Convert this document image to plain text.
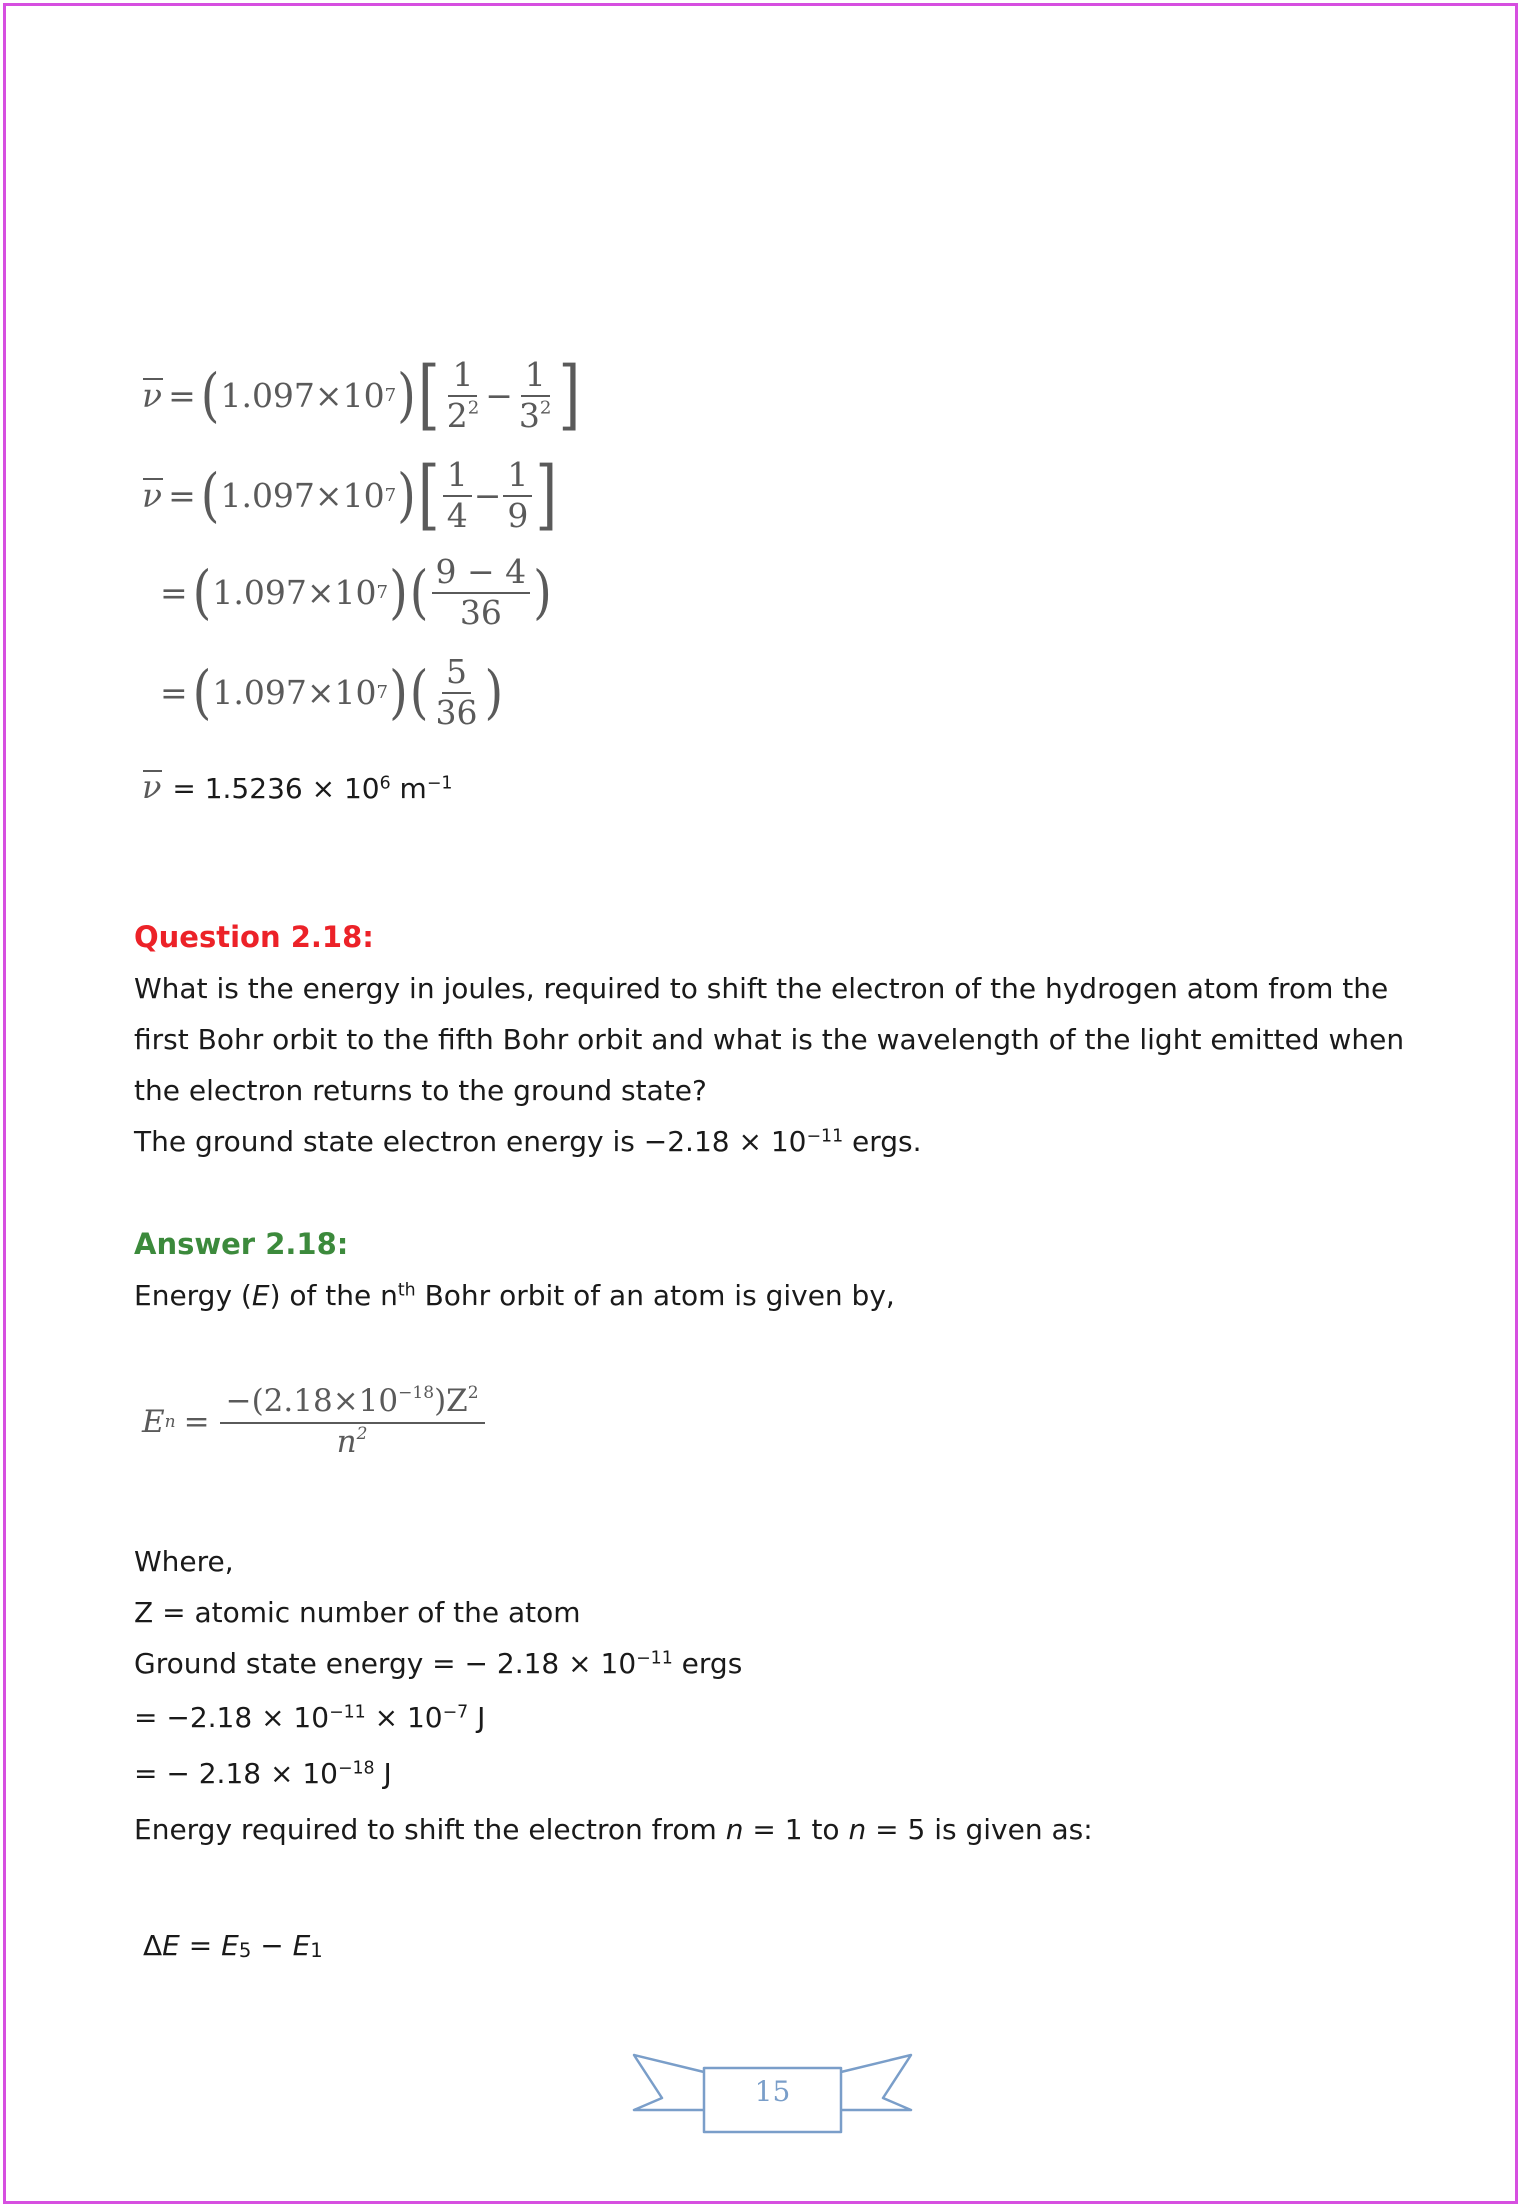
ν = ( 1.097×10 7 ) [ $\frac{1}{2^2} - \frac{1}{3^2}$ ]
ν = ( 1.097×10 7 ) [ $\frac{1}{4} - \frac{1}{9}$ ]
= ( 1.097×10 7 ) ( $\frac{9 - 4}{36}$ )
= ( 1.097×10 7 ) ( $\frac{5}{36}$ )
$\nu = 1.5236 \times 10^6$ $m^{-1}$
Question 2.18:
What is the energy in joules, required to shift the electron of the hydrogen atom from the
first Bohr orbit to the fifth Bohr orbit and what is the wavelength of the light emitted when
the electron returns to the ground state?
The ground state electron energy is $-2.18 \times 10^{-11}$ ergs.
Answer 2.18:
Energy (E) of the $n^{th}$ Bohr orbit of an atom is given by,
E $n = \frac{-(2.18\times 10^{-18})Z^2}{n^2}$
Where,
Z = atomic number of the atom
Ground state energy = − $2.18 \times 10^{-11}$ ergs
= $-2.18 \times 10^{-11} \times 10^{-7}$ J
= − $2.18 \times 10^{-18}$ J
Energy required to shift the electron from n = 1 to n = 5 is given as:
$\Delta E = E_5 - E_1$
15
